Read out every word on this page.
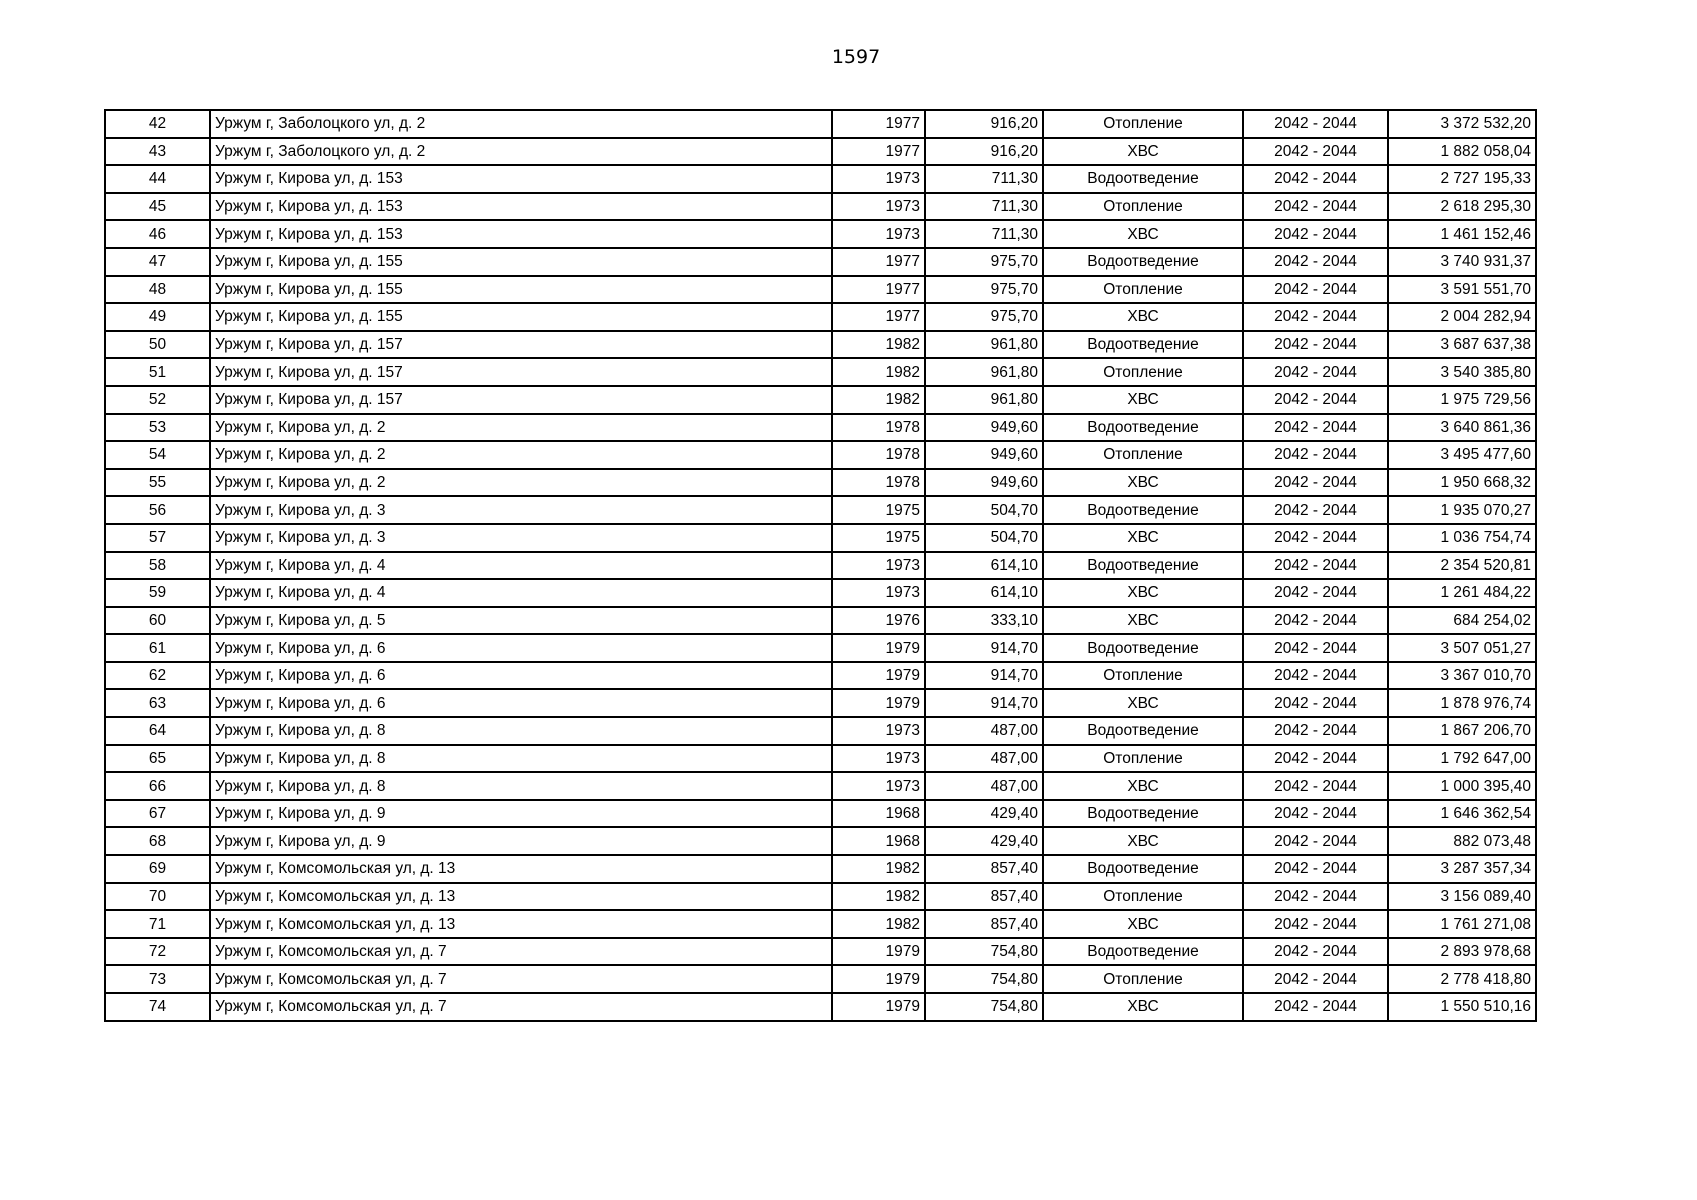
1597
42	Уржум г, Заболоцкого ул, д. 2	1977	916,20	Отопление	2042 - 2044	3 372 532,20
43	Уржум г, Заболоцкого ул, д. 2	1977	916,20	ХВС	2042 - 2044	1 882 058,04
44	Уржум г, Кирова ул, д. 153	1973	711,30	Водоотведение	2042 - 2044	2 727 195,33
45	Уржум г, Кирова ул, д. 153	1973	711,30	Отопление	2042 - 2044	2 618 295,30
46	Уржум г, Кирова ул, д. 153	1973	711,30	ХВС	2042 - 2044	1 461 152,46
47	Уржум г, Кирова ул, д. 155	1977	975,70	Водоотведение	2042 - 2044	3 740 931,37
48	Уржум г, Кирова ул, д. 155	1977	975,70	Отопление	2042 - 2044	3 591 551,70
49	Уржум г, Кирова ул, д. 155	1977	975,70	ХВС	2042 - 2044	2 004 282,94
50	Уржум г, Кирова ул, д. 157	1982	961,80	Водоотведение	2042 - 2044	3 687 637,38
51	Уржум г, Кирова ул, д. 157	1982	961,80	Отопление	2042 - 2044	3 540 385,80
52	Уржум г, Кирова ул, д. 157	1982	961,80	ХВС	2042 - 2044	1 975 729,56
53	Уржум г, Кирова ул, д. 2	1978	949,60	Водоотведение	2042 - 2044	3 640 861,36
54	Уржум г, Кирова ул, д. 2	1978	949,60	Отопление	2042 - 2044	3 495 477,60
55	Уржум г, Кирова ул, д. 2	1978	949,60	ХВС	2042 - 2044	1 950 668,32
56	Уржум г, Кирова ул, д. 3	1975	504,70	Водоотведение	2042 - 2044	1 935 070,27
57	Уржум г, Кирова ул, д. 3	1975	504,70	ХВС	2042 - 2044	1 036 754,74
58	Уржум г, Кирова ул, д. 4	1973	614,10	Водоотведение	2042 - 2044	2 354 520,81
59	Уржум г, Кирова ул, д. 4	1973	614,10	ХВС	2042 - 2044	1 261 484,22
60	Уржум г, Кирова ул, д. 5	1976	333,10	ХВС	2042 - 2044	684 254,02
61	Уржум г, Кирова ул, д. 6	1979	914,70	Водоотведение	2042 - 2044	3 507 051,27
62	Уржум г, Кирова ул, д. 6	1979	914,70	Отопление	2042 - 2044	3 367 010,70
63	Уржум г, Кирова ул, д. 6	1979	914,70	ХВС	2042 - 2044	1 878 976,74
64	Уржум г, Кирова ул, д. 8	1973	487,00	Водоотведение	2042 - 2044	1 867 206,70
65	Уржум г, Кирова ул, д. 8	1973	487,00	Отопление	2042 - 2044	1 792 647,00
66	Уржум г, Кирова ул, д. 8	1973	487,00	ХВС	2042 - 2044	1 000 395,40
67	Уржум г, Кирова ул, д. 9	1968	429,40	Водоотведение	2042 - 2044	1 646 362,54
68	Уржум г, Кирова ул, д. 9	1968	429,40	ХВС	2042 - 2044	882 073,48
69	Уржум г, Комсомольская ул, д. 13	1982	857,40	Водоотведение	2042 - 2044	3 287 357,34
70	Уржум г, Комсомольская ул, д. 13	1982	857,40	Отопление	2042 - 2044	3 156 089,40
71	Уржум г, Комсомольская ул, д. 13	1982	857,40	ХВС	2042 - 2044	1 761 271,08
72	Уржум г, Комсомольская ул, д. 7	1979	754,80	Водоотведение	2042 - 2044	2 893 978,68
73	Уржум г, Комсомольская ул, д. 7	1979	754,80	Отопление	2042 - 2044	2 778 418,80
74	Уржум г, Комсомольская ул, д. 7	1979	754,80	ХВС	2042 - 2044	1 550 510,16
